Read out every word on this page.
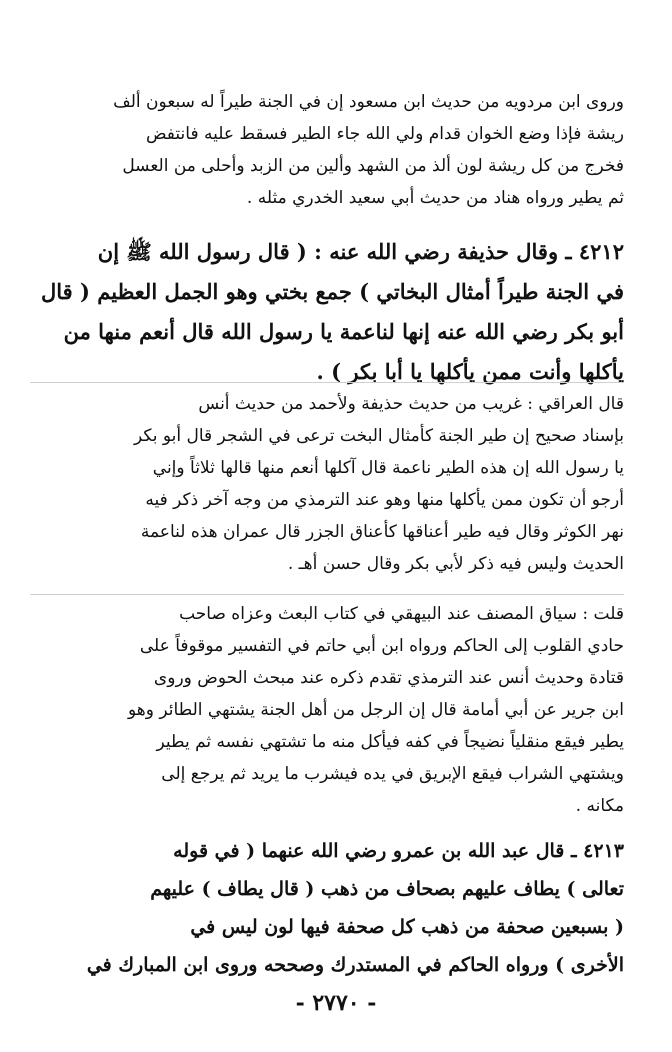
وروى ابن مردويه من حديث ابن مسعود إن في الجنة طيراً له سبعون ألف
ريشة فإذا وضع الخوان قدام ولي الله جاء الطير فسقط عليه فانتفض
فخرج من كل ريشة لون ألذ من الشهد وألين من الزبد وأحلى من العسل
ثم يطير ورواه هناد من حديث أبي سعيد الخدري مثله .
٤٢١٢ ـ وقال حذيفة رضي الله عنه : ( قال رسول الله ﷺ إن
في الجنة طيراً أمثال البخاتي ) جمع بختي وهو الجمل العظيم ( قال
أبو بكر رضي الله عنه إنها لناعمة يا رسول الله قال أنعم منها من
يأكلها وأنت ممن يأكلها يا أبا بكر ) .
قال العراقي : غريب من حديث حذيفة ولأحمد من حديث أنس
بإسناد صحيح إن طير الجنة كأمثال البخت ترعى في الشجر قال أبو بكر
يا رسول الله إن هذه الطير ناعمة قال آكلها أنعم منها قالها ثلاثاً وإني
أرجو أن تكون ممن يأكلها منها وهو عند الترمذي من وجه آخر ذكر فيه
نهر الكوثر وقال فيه طير أعناقها كأعناق الجزر قال عمران هذه لناعمة
الحديث وليس فيه ذكر لأبي بكر وقال حسن أهـ .
قلت : سياق المصنف عند البيهقي في كتاب البعث وعزاه صاحب
حادي القلوب إلى الحاكم ورواه ابن أبي حاتم في التفسير موقوفاً على
قتادة وحديث أنس عند الترمذي تقدم ذكره عند مبحث الحوض وروى
ابن جرير عن أبي أمامة قال إن الرجل من أهل الجنة يشتهي الطائر وهو
يطير فيقع منقلياً نضيجاً في كفه فيأكل منه ما تشتهي نفسه ثم يطير
ويشتهي الشراب فيقع الإبريق في يده فيشرب ما يريد ثم يرجع إلى
مكانه .
٤٢١٣ ـ قال عبد الله بن عمرو رضي الله عنهما ( في قوله
تعالى ) يطاف عليهم بصحاف من ذهب ( قال يطاف ) عليهم
( بسبعين صحفة من ذهب كل صحفة فيها لون ليس في
الأخرى ) ورواه الحاكم في المستدرك وصححه وروى ابن المبارك في
- ٢٧٧٠ -
